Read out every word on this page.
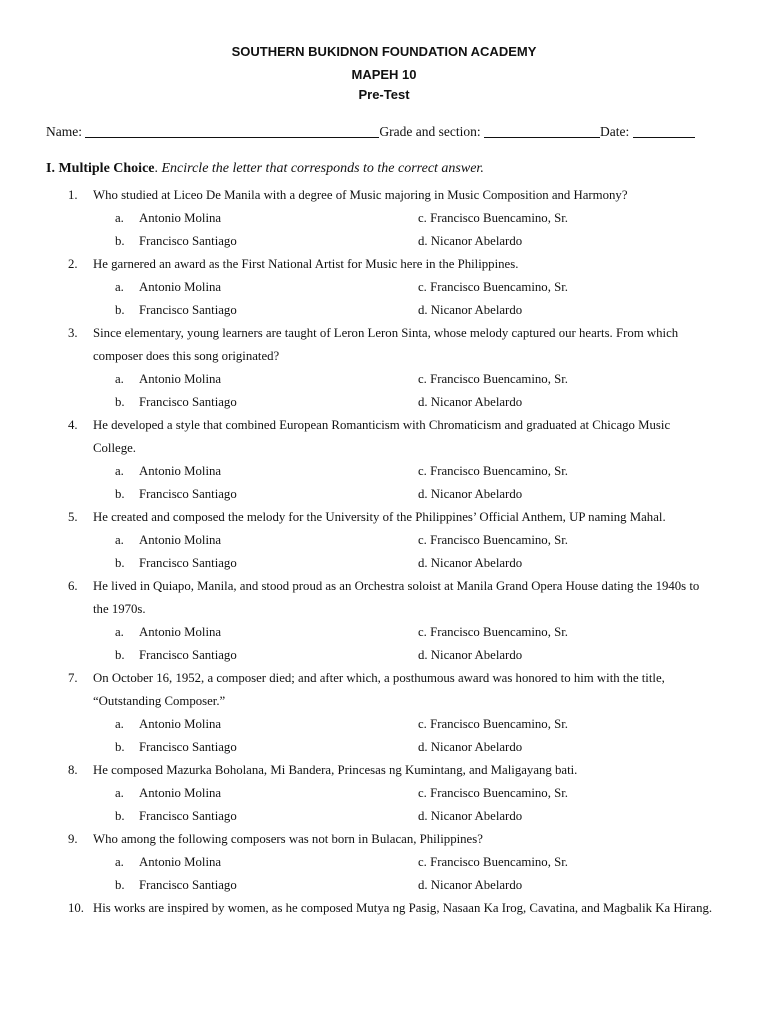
SOUTHERN BUKIDNON FOUNDATION ACADEMY
MAPEH 10
Pre-Test
Name:	Grade and section:	Date:
I. Multiple Choice. Encircle the letter that corresponds to the correct answer.
1. Who studied at Liceo De Manila with a degree of Music majoring in Music Composition and Harmony?
a. Antonio Molina	c. Francisco Buencamino, Sr.
b. Francisco Santiago	d. Nicanor Abelardo
2. He garnered an award as the First National Artist for Music here in the Philippines.
a. Antonio Molina	c. Francisco Buencamino, Sr.
b. Francisco Santiago	d. Nicanor Abelardo
3. Since elementary, young learners are taught of Leron Leron Sinta, whose melody captured our hearts. From which composer does this song originated?
a. Antonio Molina	c. Francisco Buencamino, Sr.
b. Francisco Santiago	d. Nicanor Abelardo
4. He developed a style that combined European Romanticism with Chromaticism and graduated at Chicago Music College.
a. Antonio Molina	c. Francisco Buencamino, Sr.
b. Francisco Santiago	d. Nicanor Abelardo
5. He created and composed the melody for the University of the Philippines’ Official Anthem, UP naming Mahal.
a. Antonio Molina	c. Francisco Buencamino, Sr.
b. Francisco Santiago	d. Nicanor Abelardo
6. He lived in Quiapo, Manila, and stood proud as an Orchestra soloist at Manila Grand Opera House dating the 1940s to the 1970s.
a. Antonio Molina	c. Francisco Buencamino, Sr.
b. Francisco Santiago	d. Nicanor Abelardo
7. On October 16, 1952, a composer died; and after which, a posthumous award was honored to him with the title, “Outstanding Composer.”
a. Antonio Molina	c. Francisco Buencamino, Sr.
b. Francisco Santiago	d. Nicanor Abelardo
8. He composed Mazurka Boholana, Mi Bandera, Princesas ng Kumintang, and Maligayang bati.
a. Antonio Molina	c. Francisco Buencamino, Sr.
b. Francisco Santiago	d. Nicanor Abelardo
9. Who among the following composers was not born in Bulacan, Philippines?
a. Antonio Molina	c. Francisco Buencamino, Sr.
b. Francisco Santiago	d. Nicanor Abelardo
10. His works are inspired by women, as he composed Mutya ng Pasig, Nasaan Ka Irog, Cavatina, and Magbalik Ka Hirang.
